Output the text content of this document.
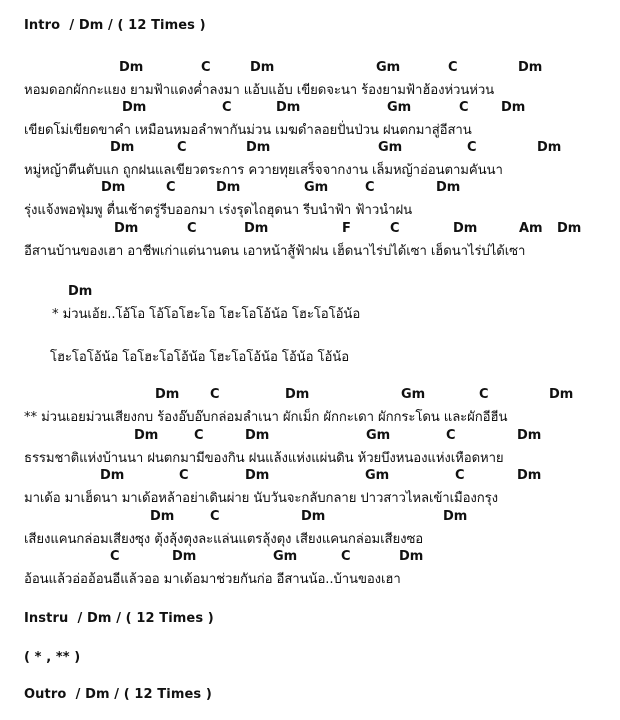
Intro  / Dm / ( 12 Times )
Dm	C	Dm	Gm	C	Dm
หอมดอกผักกะแยง ยามฟ้าแดงค่ำลงมา แอ้บแอ้บ เขียดจะนา ร้องยามฟ้าฮ้องห่วนห่วน
Dm	C	Dm	Gm	C Dm
เขียดโม่เขียดขาคำ เหมือนหมอลำพากันม่วน เมฆดำลอยปั่นป่วน ฝนตกมาสู่อีสาน
Dm	C	Dm	Gm	C	Dm
หมู่หญ้าตีนตับแก ถูกฝนแลเขียวตระการ ควายทุยเสร็จจากงาน เล็มหญ้าอ่อนตามคันนา
Dm	C	Dm	Gm	C	Dm
รุ่งแจ้งพอฟุ่มพู ตื่นเช้าตรู่รีบออกมา เร่งรุดไถฮุดนา รีบนำฟ้า ฟ้าวนำฝน
Dm	C	Dm	F	C	Dm	Am Dm
อีสานบ้านของเฮา อาชีพเก่าแต่นานดน เอาหน้าสู้ฟ้าฝน เฮ็ดนาไร่บ่ได้เซา เฮ็ดนาไร่บ่ได้เซา
Dm
* ม่วนเอ้ย..โอ้โอ โอ้โอโฮะโอ โฮะโอโอ้น้อ โฮะโอโอ้น้อ
โฮะโอโอ้น้อ โอโฮะโอโอ้น้อ โฮะโอโอ้น้อ โอ้น้อ โอ้น้อ
Dm C	Dm	Gm	C	Dm
** ม่วนเอยม่วนเสียงกบ ร้องอ๊บอ๊บกล่อมลำเนา ผักเม็ก ผักกะเดา ผักกระโดน และผักอีฮีน
Dm	C	Dm	Gm	C	Dm
ธรรมชาติแห่งบ้านนา ฝนตกมามีของกิน ฝนแล้งแห่งแผ่นดิน ห้วยบึงหนองแห่งเหือดหาย
Dm	C	Dm	Gm	C	Dm
มาเด้อ มาเฮ็ดนา มาเด้อหล้าอย่าเดินผ่าย นับวันจะกลับกลาย ปาวสาวไหลเข้าเมืองกรุง
Dm	C	Dm	Dm
เสียงแคนกล่อมเสียงซุง ตุ้งลุ้งตุงละแล่นแตรลุ้งตุง เสียงแคนกล่อมเสียงซอ
C	Dm	Gm	C	Dm
อ้อนแล้วอ่ออ้อนอีแล้วออ มาเด้อมาช่วยกันก่อ อีสานน้อ..บ้านของเฮา
Instru  / Dm / ( 12 Times )
( * , ** )
Outro  / Dm / ( 12 Times )
